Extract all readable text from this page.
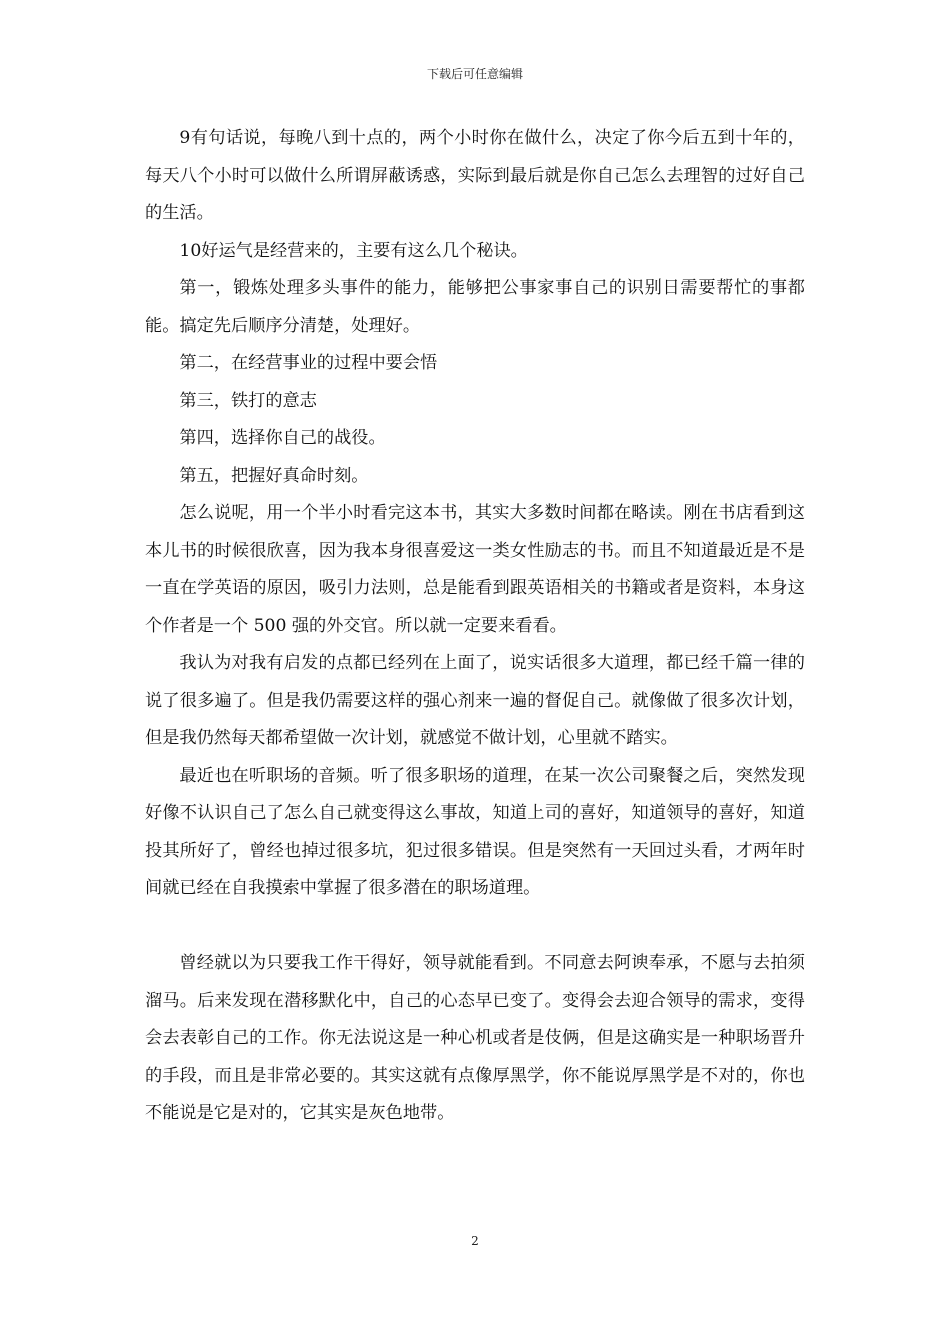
下载后可任意编辑

9有句话说，每晚八到十点的，两个小时你在做什么，决定了你今后五到十年的，每天八个小时可以做什么所谓屏蔽诱惑，实际到最后就是你自己怎么去理智的过好自己的生活。

10好运气是经营来的，主要有这么几个秘诀。

第一，锻炼处理多头事件的能力，能够把公事家事自己的识别日需要帮忙的事都能。搞定先后顺序分清楚，处理好。

第二，在经营事业的过程中要会悟

第三，铁打的意志

第四，选择你自己的战役。

第五，把握好真命时刻。

怎么说呢，用一个半小时看完这本书，其实大多数时间都在略读。刚在书店看到这本儿书的时候很欣喜，因为我本身很喜爱这一类女性励志的书。而且不知道最近是不是一直在学英语的原因，吸引力法则，总是能看到跟英语相关的书籍或者是资料，本身这个作者是一个 500 强的外交官。所以就一定要来看看。

我认为对我有启发的点都已经列在上面了，说实话很多大道理，都已经千篇一律的说了很多遍了。但是我仍需要这样的强心剂来一遍的督促自己。就像做了很多次计划，但是我仍然每天都希望做一次计划，就感觉不做计划，心里就不踏实。

最近也在听职场的音频。听了很多职场的道理，在某一次公司聚餐之后，突然发现好像不认识自己了怎么自己就变得这么事故，知道上司的喜好，知道领导的喜好，知道投其所好了，曾经也掉过很多坑，犯过很多错误。但是突然有一天回过头看，才两年时间就已经在自我摸索中掌握了很多潜在的职场道理。

曾经就以为只要我工作干得好，领导就能看到。不同意去阿谀奉承，不愿与去拍须溜马。后来发现在潜移默化中，自己的心态早已变了。变得会去迎合领导的需求，变得会去表彰自己的工作。你无法说这是一种心机或者是伎俩，但是这确实是一种职场晋升的手段，而且是非常必要的。其实这就有点像厚黑学，你不能说厚黑学是不对的，你也不能说是它是对的，它其实是灰色地带。

2
